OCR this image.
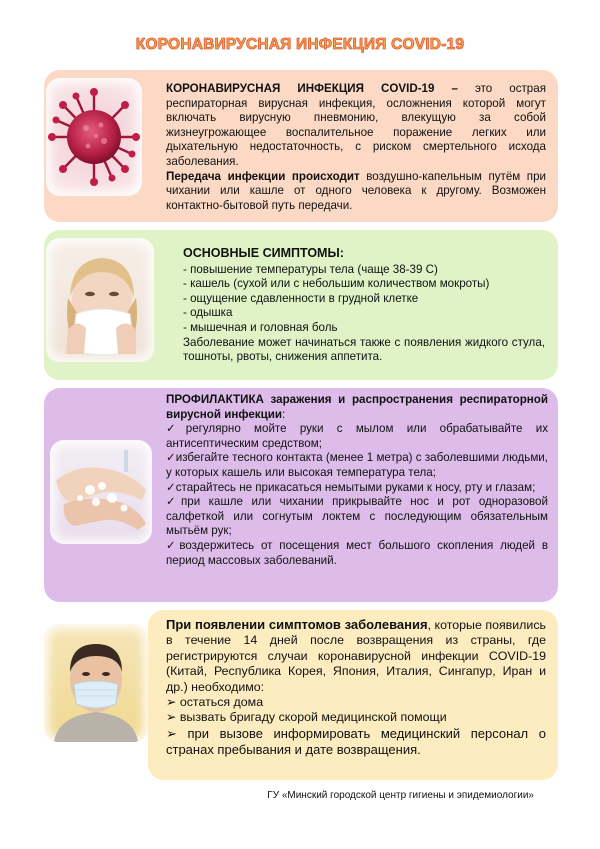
КОРОНАВИРУСНАЯ ИНФЕКЦИЯ COVID-19

КОРОНАВИРУСНАЯ ИНФЕКЦИЯ COVID-19 – это острая респираторная вирусная инфекция, осложнения которой могут включать вирусную пневмонию, влекущую за собой жизнеугрожающее воспалительное поражение легких или дыхательную недостаточность, с риском смертельного исхода заболевания.

Передача инфекции происходит воздушно-капельным путём при чихании или кашле от одного человека к другому. Возможен контактно-бытовой путь передачи.

ОСНОВНЫЕ СИМПТОМЫ:
- повышение температуры тела (чаще 38-39 С)
- кашель (сухой или с небольшим количеством мокроты)
- ощущение сдавленности в грудной клетке
- одышка
- мышечная и головная боль

Заболевание может начинаться также с появления жидкого стула, тошноты, рвоты, снижения аппетита.

ПРОФИЛАКТИКА заражения и распространения респираторной вирусной инфекции:

✓регулярно мойте руки с мылом или обрабатывайте их антисептическим средством;
✓избегайте тесного контакта (менее 1 метра) с заболевшими людьми, у которых кашель или высокая температура тела;
✓старайтесь не прикасаться немытыми руками к носу, рту и глазам;
✓при кашле или чихании прикрывайте нос и рот одноразовой салфеткой или согнутым локтем с последующим обязательным мытьём рук;
✓воздержитесь от посещения мест большого скопления людей в период массовых заболеваний.

При появлении симптомов заболевания, которые появились в течение 14 дней после возвращения из страны, где регистрируются случаи коронавирусной инфекции COVID-19 (Китай, Республика Корея, Япония, Италия, Сингапур, Иран и др.) необходимо:

➢ остаться дома

➢ вызвать бригаду скорой медицинской помощи

➢ при вызове информировать медицинский персонал о странах пребывания и дате возвращения.

ГУ «Минский городской центр гигиены и эпидемиологии»
